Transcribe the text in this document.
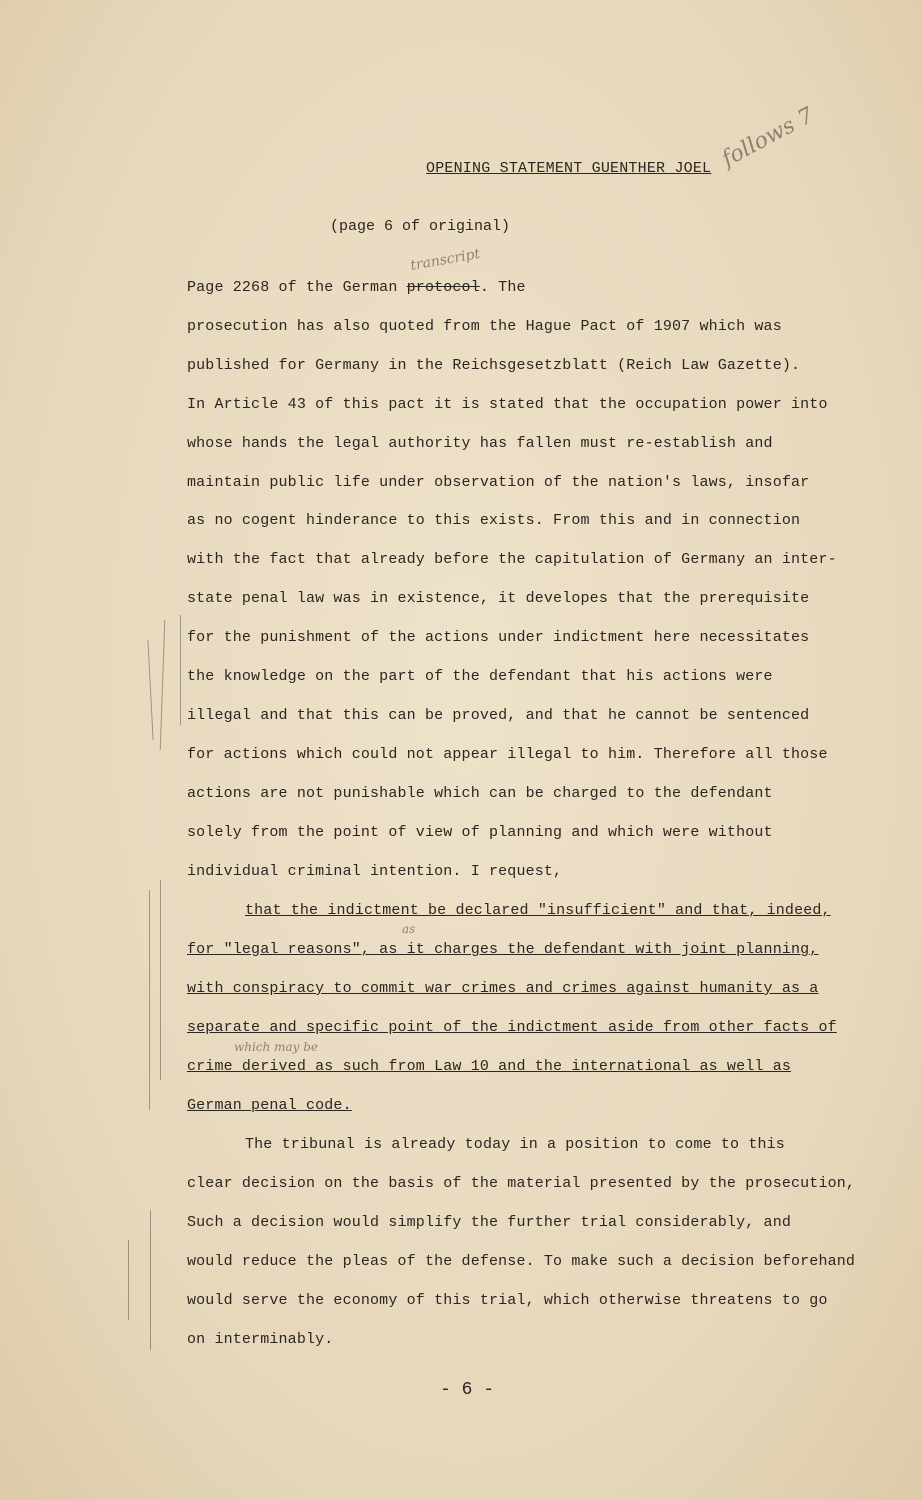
OPENING STATEMENT GUENTHER JOEL follows 7
(page 6 of original)
transcript
Page 2268 of the German protocol. The
prosecution has also quoted from the Hague Pact of 1907 which was
published for Germany in the Reichsgesetzblatt (Reich Law Gazette).
In Article 43 of this pact it is stated that the occupation power into
whose hands the legal authority has fallen must re-establish and
maintain public life under observation of the nation's laws, insofar
as no cogent hinderance to this exists. From this and in connection
with the fact that already before the capitulation of Germany an inter-
state penal law was in existence, it developes that the prerequisite
for the punishment of the actions under indictment here necessitates
the knowledge on the part of the defendant that his actions were
illegal and that this can be proved, and that he cannot be sentenced
for actions which could not appear illegal to him. Therefore all those
actions are not punishable which can be charged to the defendant
solely from the point of view of planning and which were without
individual criminal intention. I request,
that the indictment be declared "insufficient" and that, indeed,
as
for "legal reasons", as it charges the defendant with joint planning,
with conspiracy to commit war crimes and crimes against humanity as a
separate and specific point of the indictment aside from other facts of
which may be
crime derived as such from Law 10 and the international as well as
German penal code.
The tribunal is already today in a position to come to this
clear decision on the basis of the material presented by the prosecution,
Such a decision would simplify the further trial considerably, and
would reduce the pleas of the defense. To make such a decision beforehand
would serve the economy of this trial, which otherwise threatens to go
on interminably.
- 6 -
